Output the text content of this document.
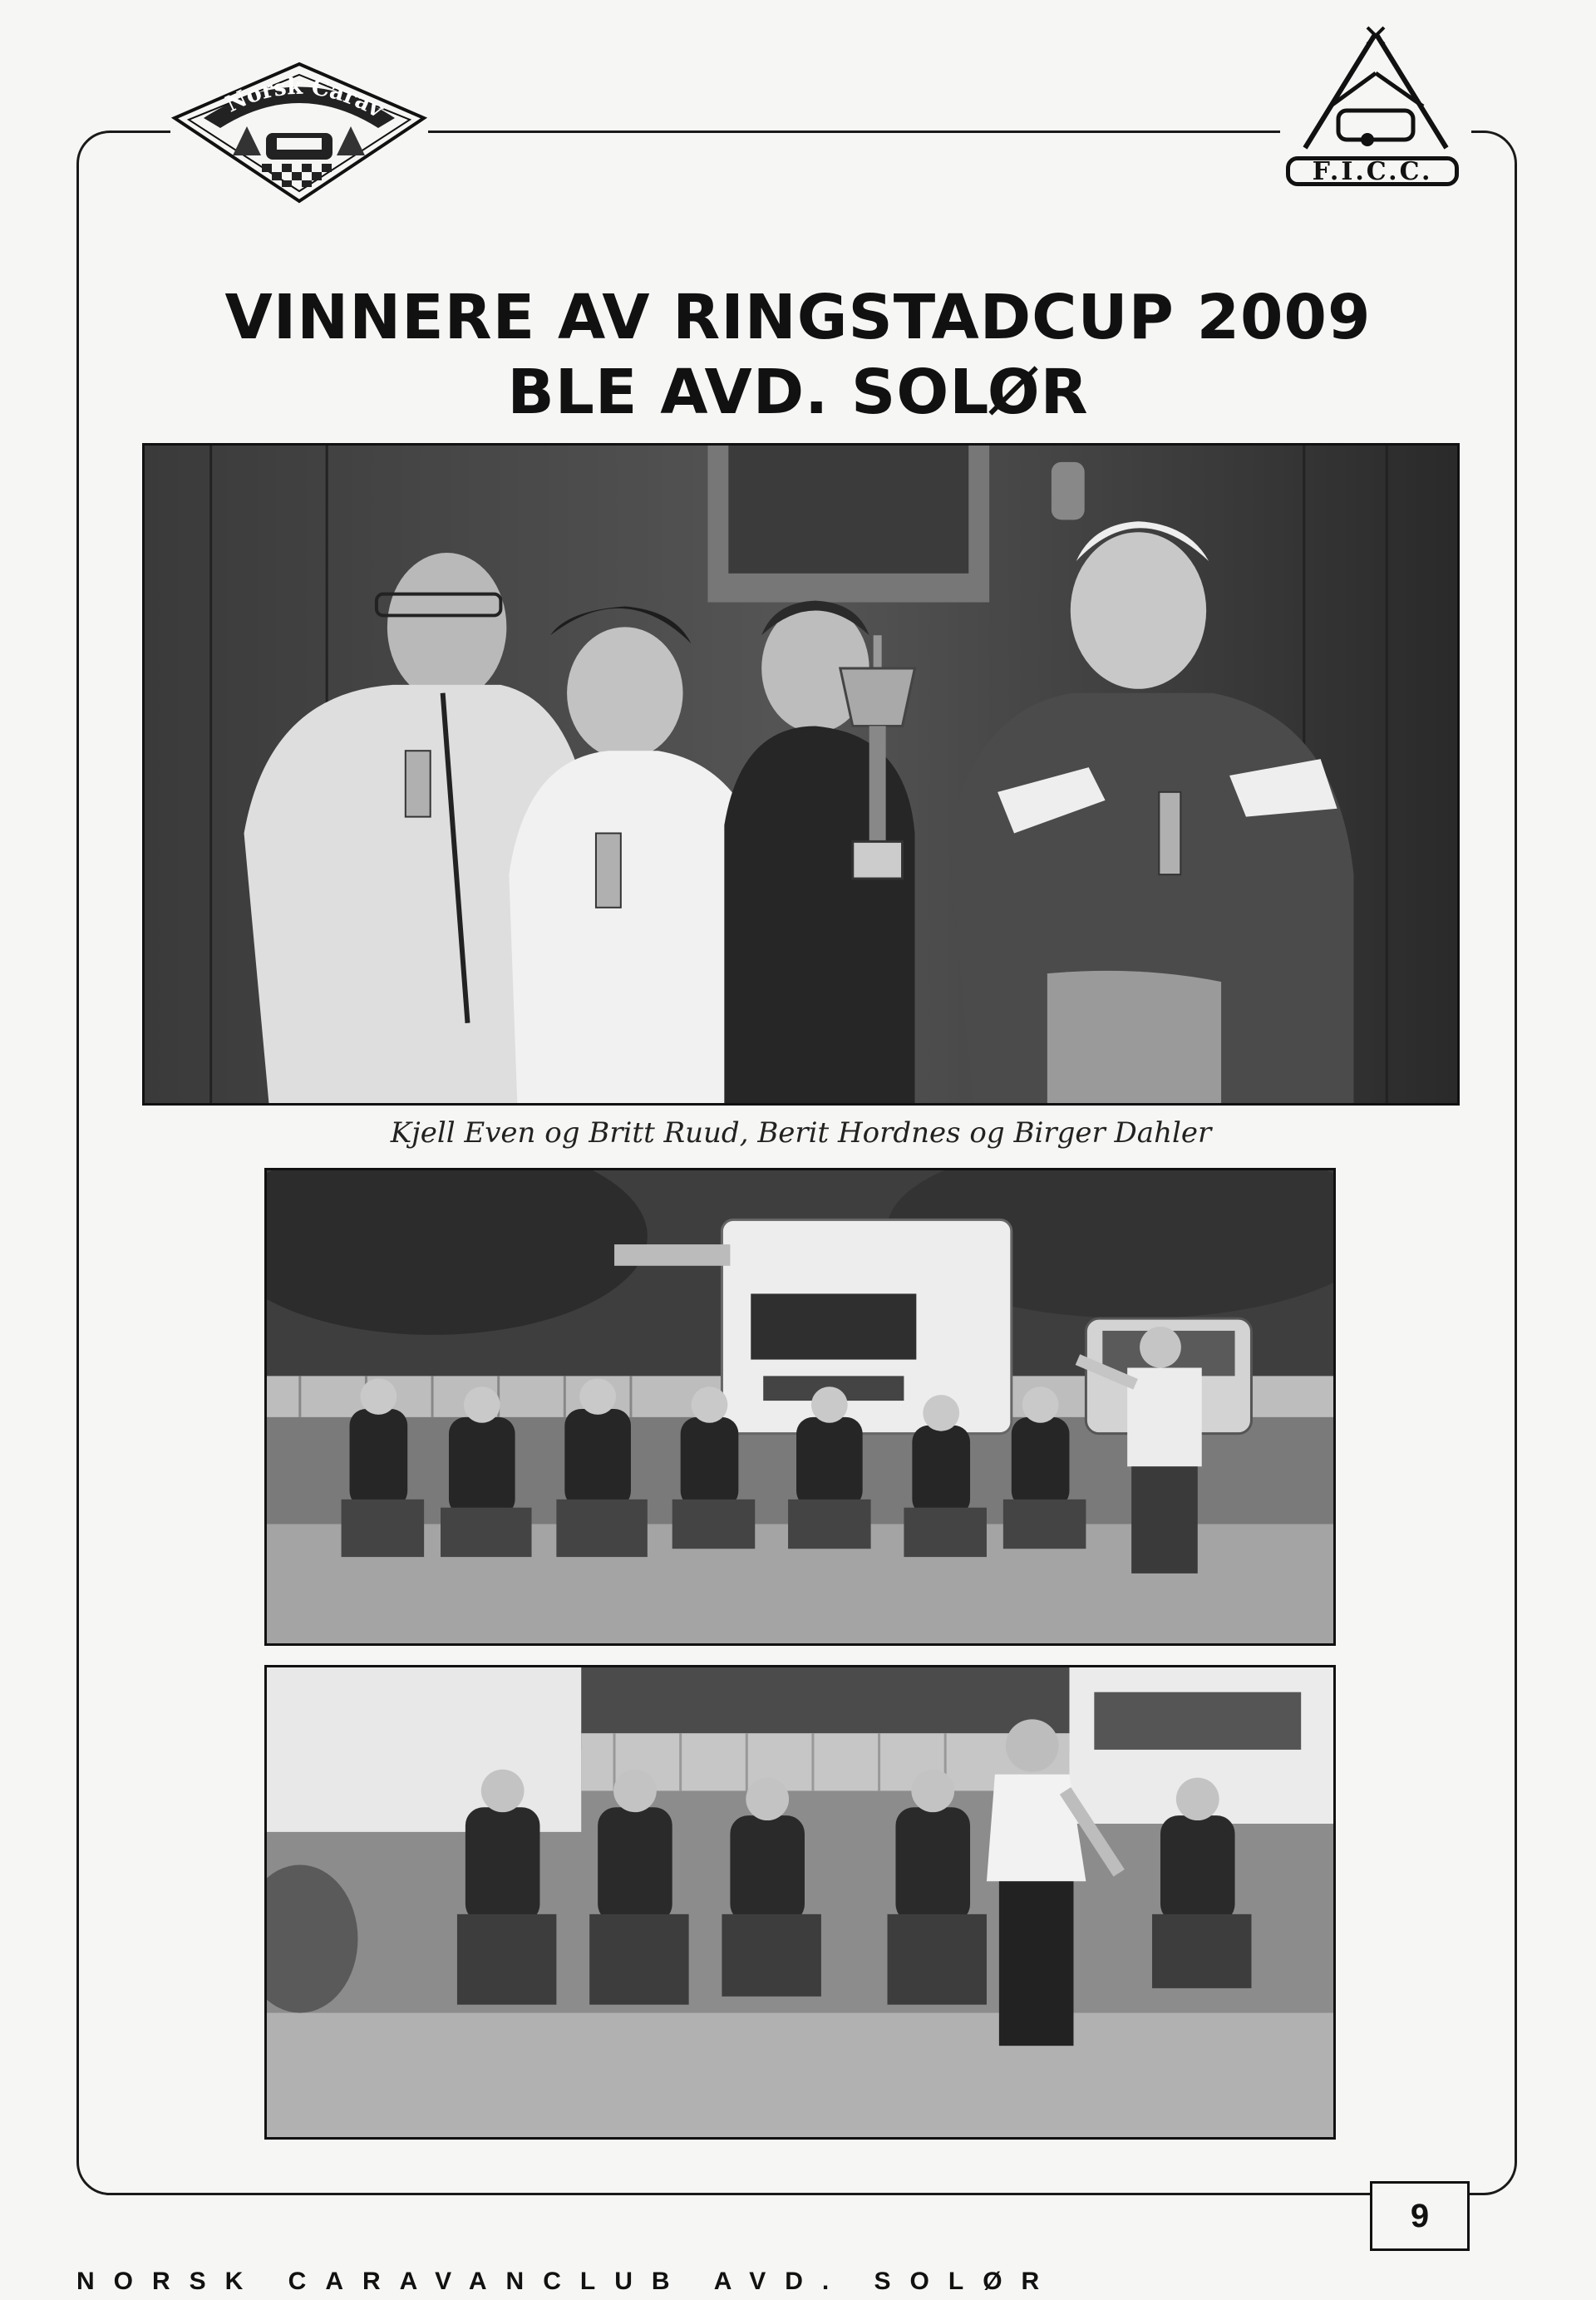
Norsk Carav
F.I.C.C.
VINNERE AV RINGSTADCUP 2009
BLE AVD. SOLØR
Kjell Even og Britt Ruud, Berit Hordnes og Birger Dahler
9
NORSK CARAVANCLUB AVD. SOLØR
